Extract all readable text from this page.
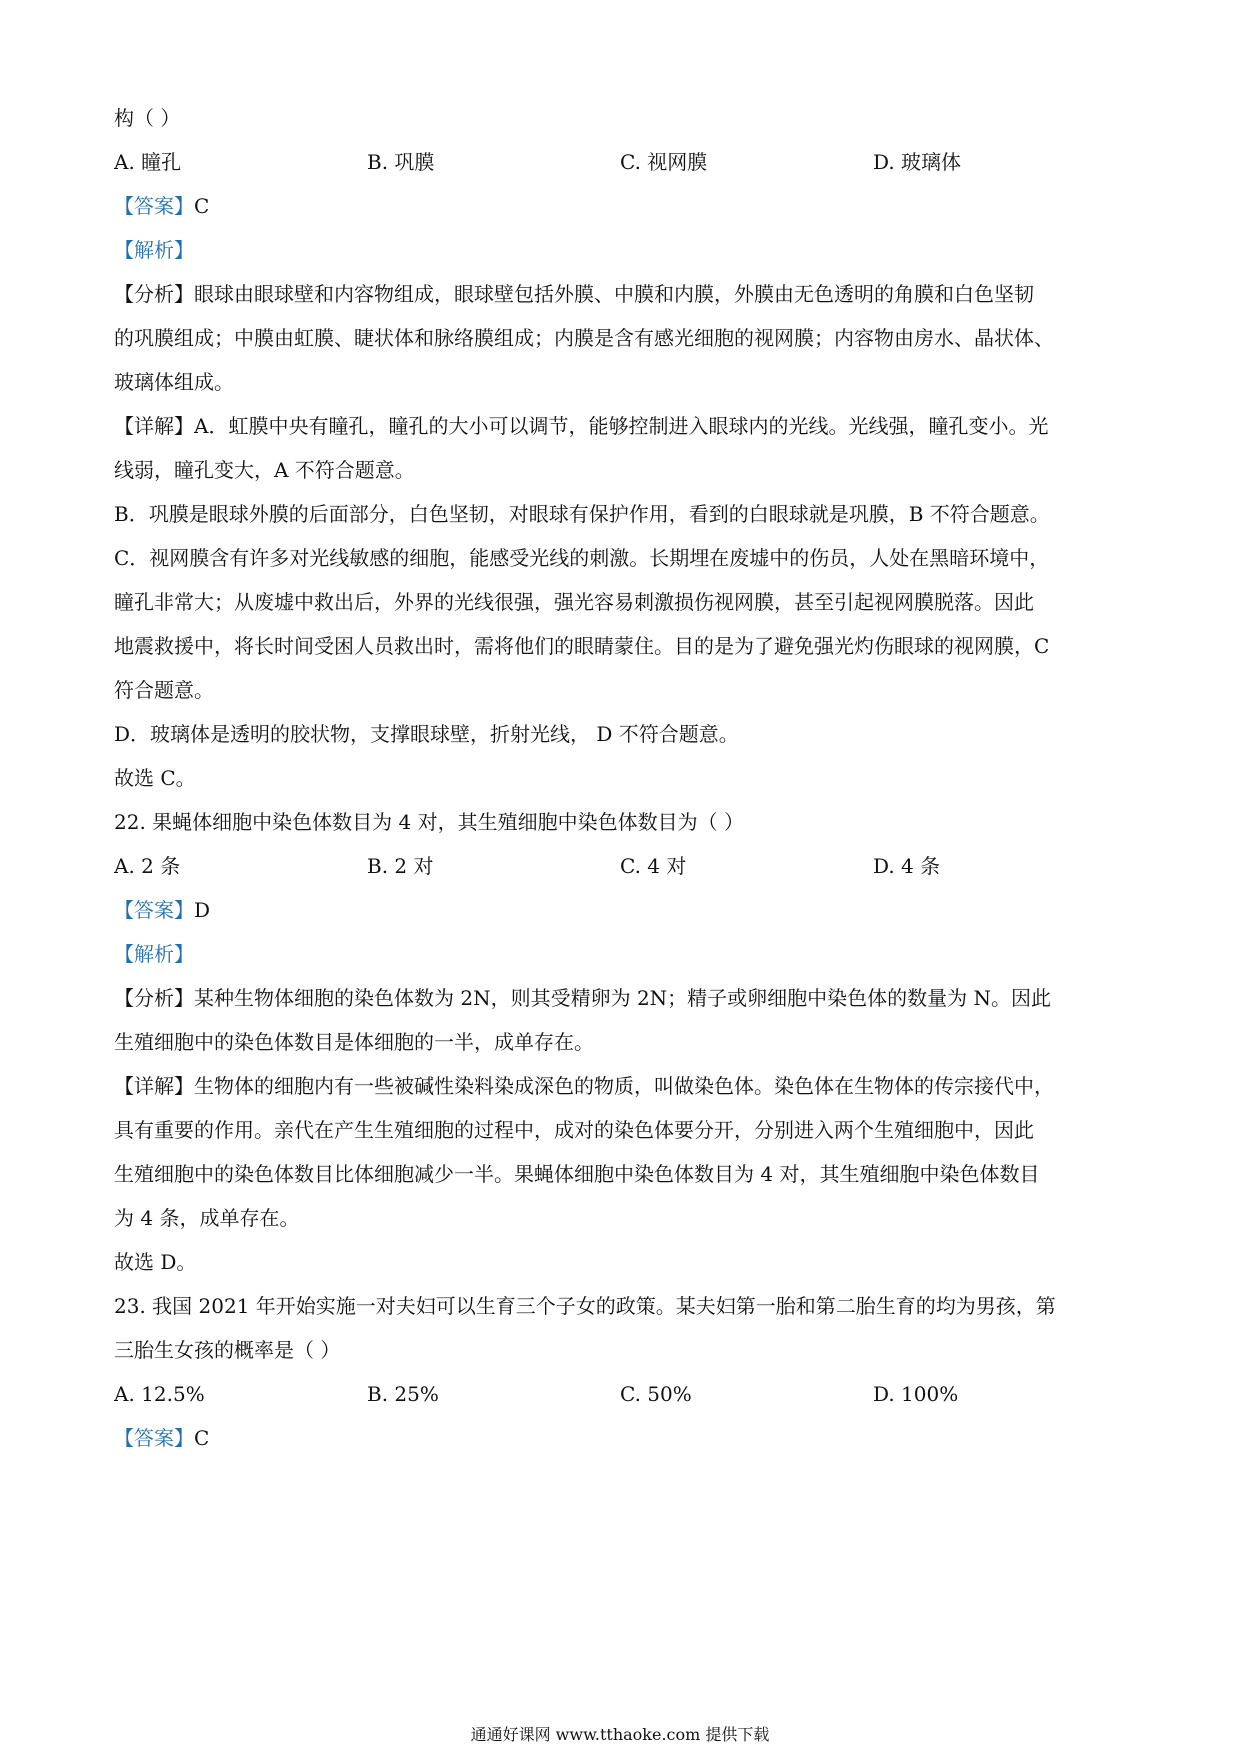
构（ ）
A. 瞳孔	B. 巩膜	C. 视网膜	D. 玻璃体
【答案】C
【解析】
【分析】眼球由眼球壁和内容物组成，眼球壁包括外膜、中膜和内膜，外膜由无色透明的角膜和白色坚韧
的巩膜组成；中膜由虹膜、睫状体和脉络膜组成；内膜是含有感光细胞的视网膜；内容物由房水、晶状体、
玻璃体组成。
【详解】A．虹膜中央有瞳孔，瞳孔的大小可以调节，能够控制进入眼球内的光线。光线强，瞳孔变小。光
线弱，瞳孔变大，A 不符合题意。
B．巩膜是眼球外膜的后面部分，白色坚韧，对眼球有保护作用，看到的白眼球就是巩膜，B 不符合题意。
C．视网膜含有许多对光线敏感的细胞，能感受光线的刺激。长期埋在废墟中的伤员，人处在黑暗环境中，
瞳孔非常大；从废墟中救出后，外界的光线很强，强光容易刺激损伤视网膜，甚至引起视网膜脱落。因此
地震救援中，将长时间受困人员救出时，需将他们的眼睛蒙住。目的是为了避免强光灼伤眼球的视网膜，C
符合题意。
D．玻璃体是透明的胶状物，支撑眼球壁，折射光线， D 不符合题意。
故选 C。
22. 果蝇体细胞中染色体数目为 4 对，其生殖细胞中染色体数目为（ ）
A. 2 条	B. 2 对	C. 4 对	D. 4 条
【答案】D
【解析】
【分析】某种生物体细胞的染色体数为 2N，则其受精卵为 2N；精子或卵细胞中染色体的数量为 N。因此
生殖细胞中的染色体数目是体细胞的一半，成单存在。
【详解】生物体的细胞内有一些被碱性染料染成深色的物质，叫做染色体。染色体在生物体的传宗接代中，
具有重要的作用。亲代在产生生殖细胞的过程中，成对的染色体要分开，分别进入两个生殖细胞中，因此
生殖细胞中的染色体数目比体细胞减少一半。果蝇体细胞中染色体数目为 4 对，其生殖细胞中染色体数目
为 4 条，成单存在。
故选 D。
23. 我国 2021 年开始实施一对夫妇可以生育三个子女的政策。某夫妇第一胎和第二胎生育的均为男孩，第
三胎生女孩的概率是（ ）
A. 12.5%	B. 25%	C. 50%	D. 100%
【答案】C
通通好课网 www.tthaoke.com 提供下载
